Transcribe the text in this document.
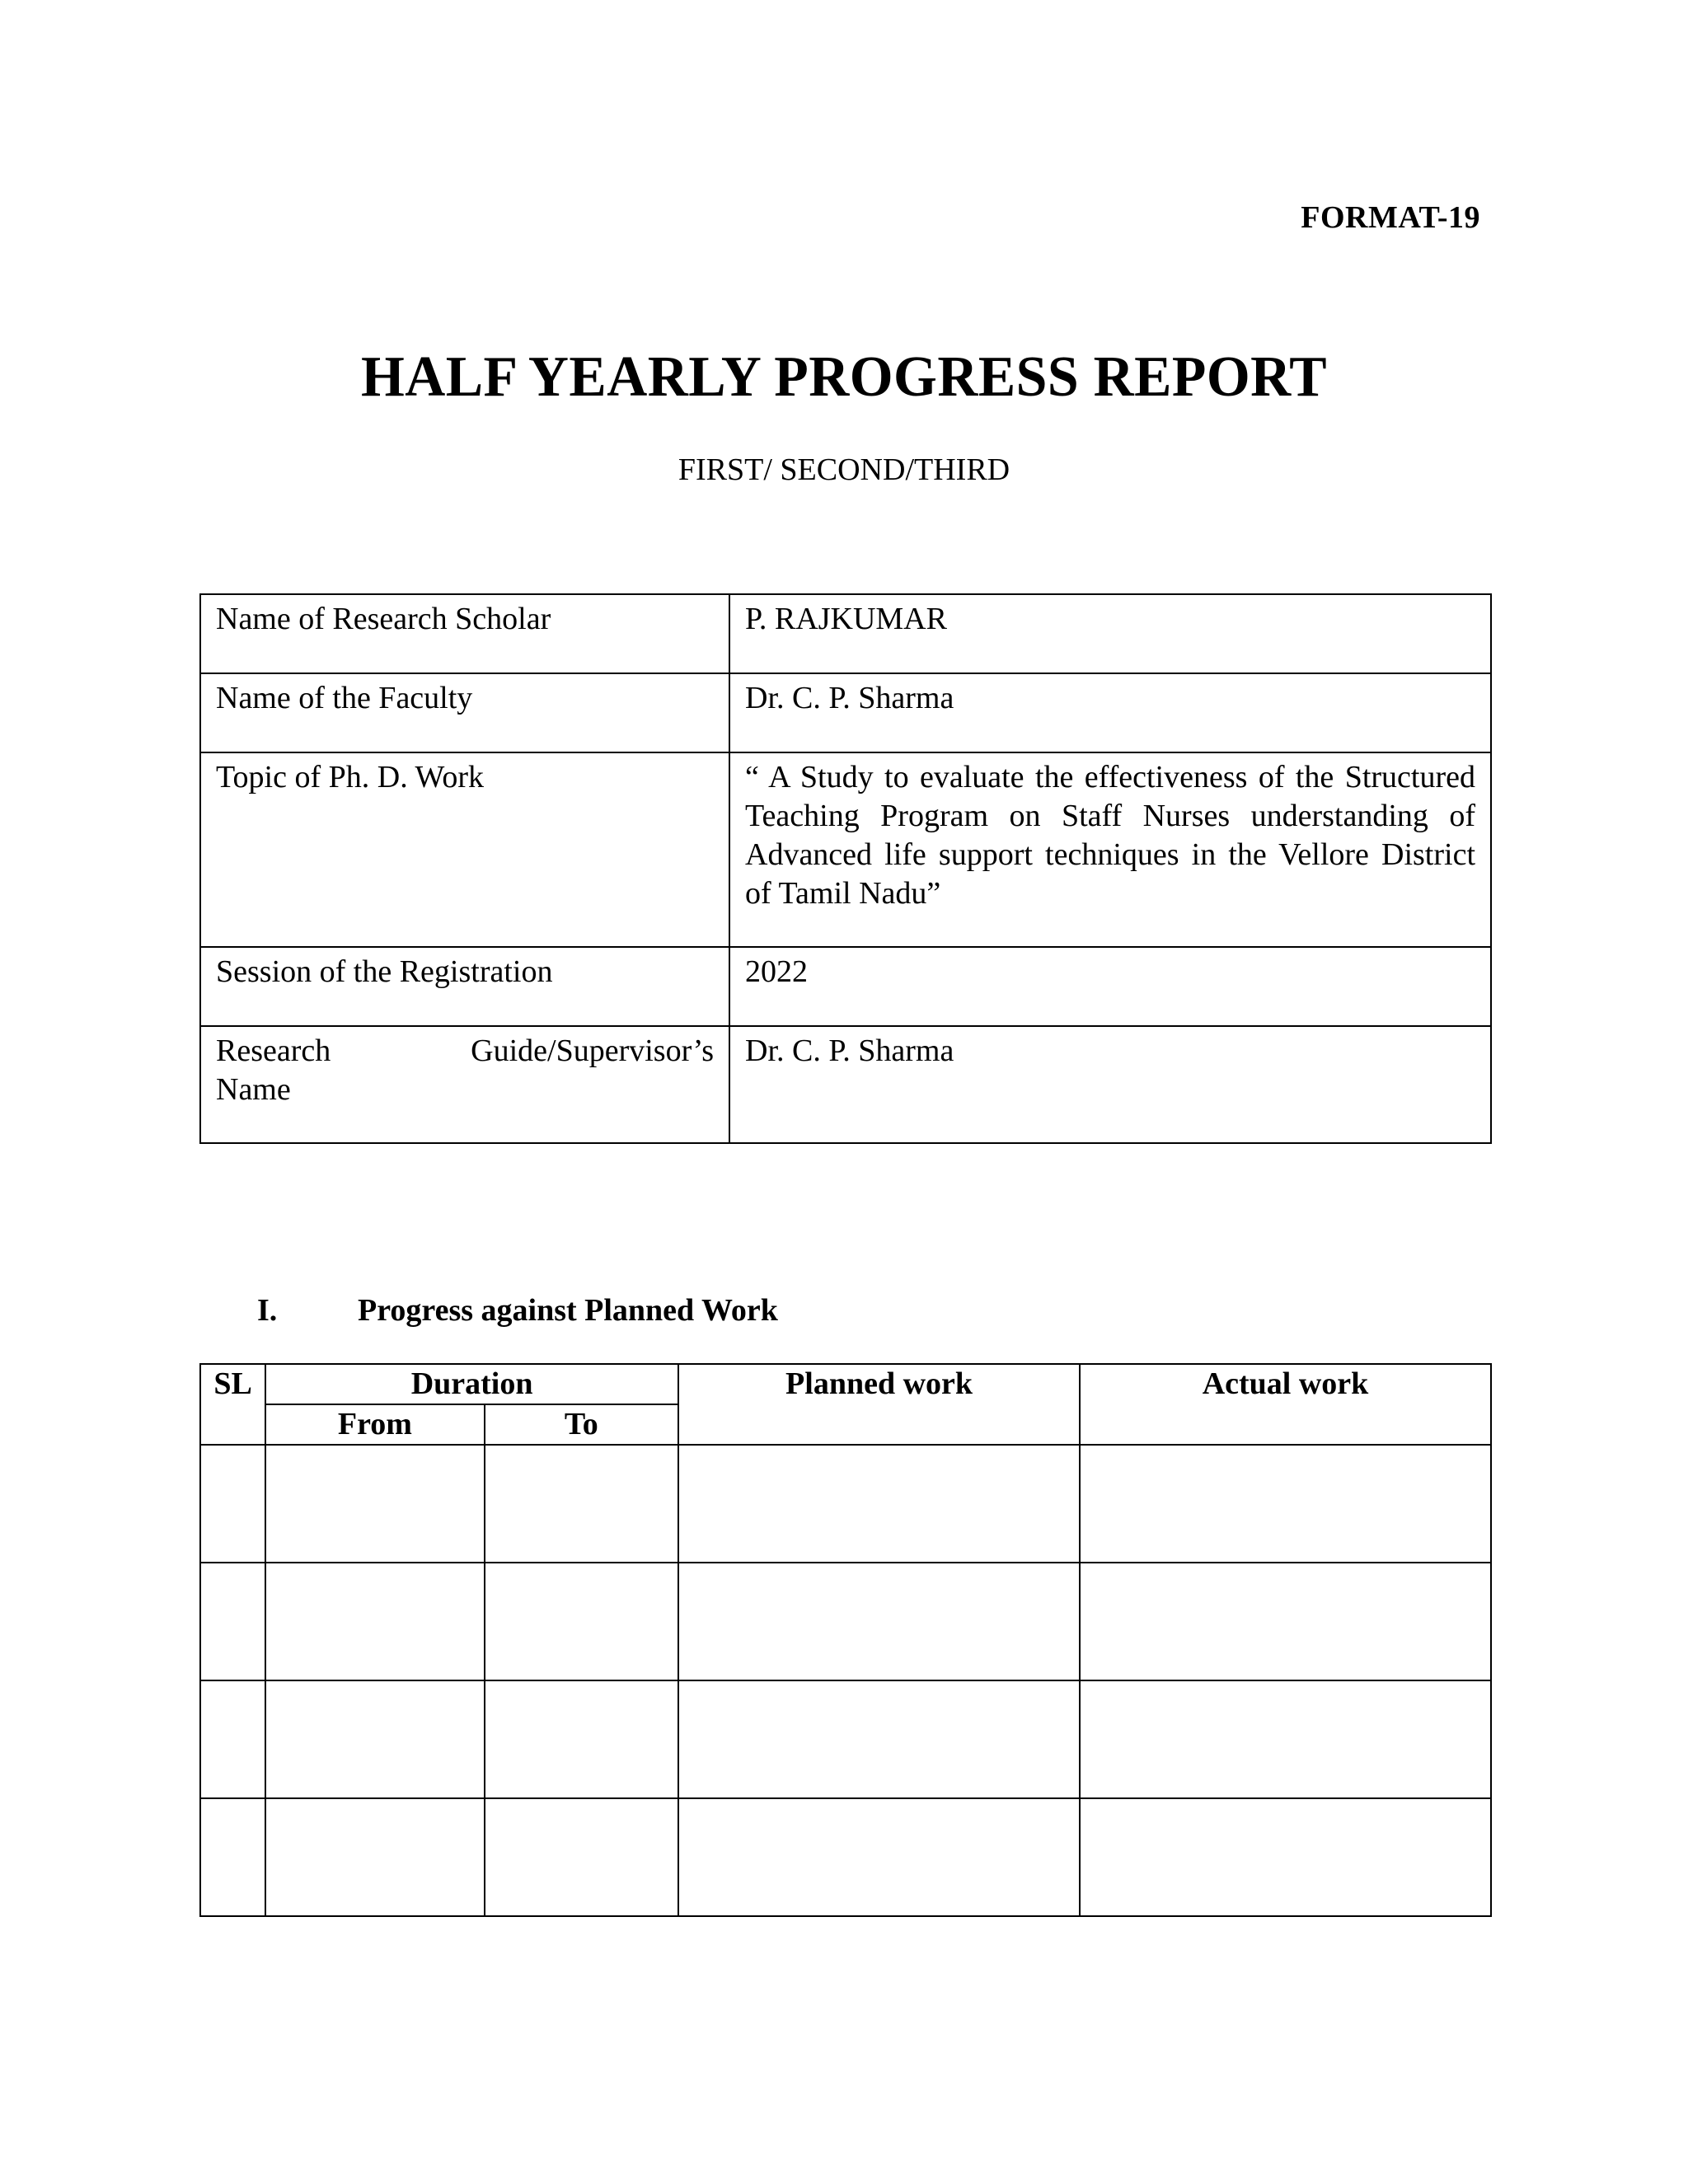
FORMAT-19
HALF YEARLY PROGRESS REPORT
FIRST/ SECOND/THIRD
Name of Research Scholar	P. RAJKUMAR
Name of the Faculty	Dr. C. P. Sharma
Topic of Ph. D. Work	“ A Study to evaluate the effectiveness of the Structured Teaching Program on Staff Nurses understanding of Advanced life support techniques in the Vellore District of Tamil Nadu”
Session of the Registration	2022

Research Guide/Supervisor’s
Name	Dr. C. P. Sharma
I.	Progress against Planned Work
SL	Duration		Planned work	Actual work
	From	To		
